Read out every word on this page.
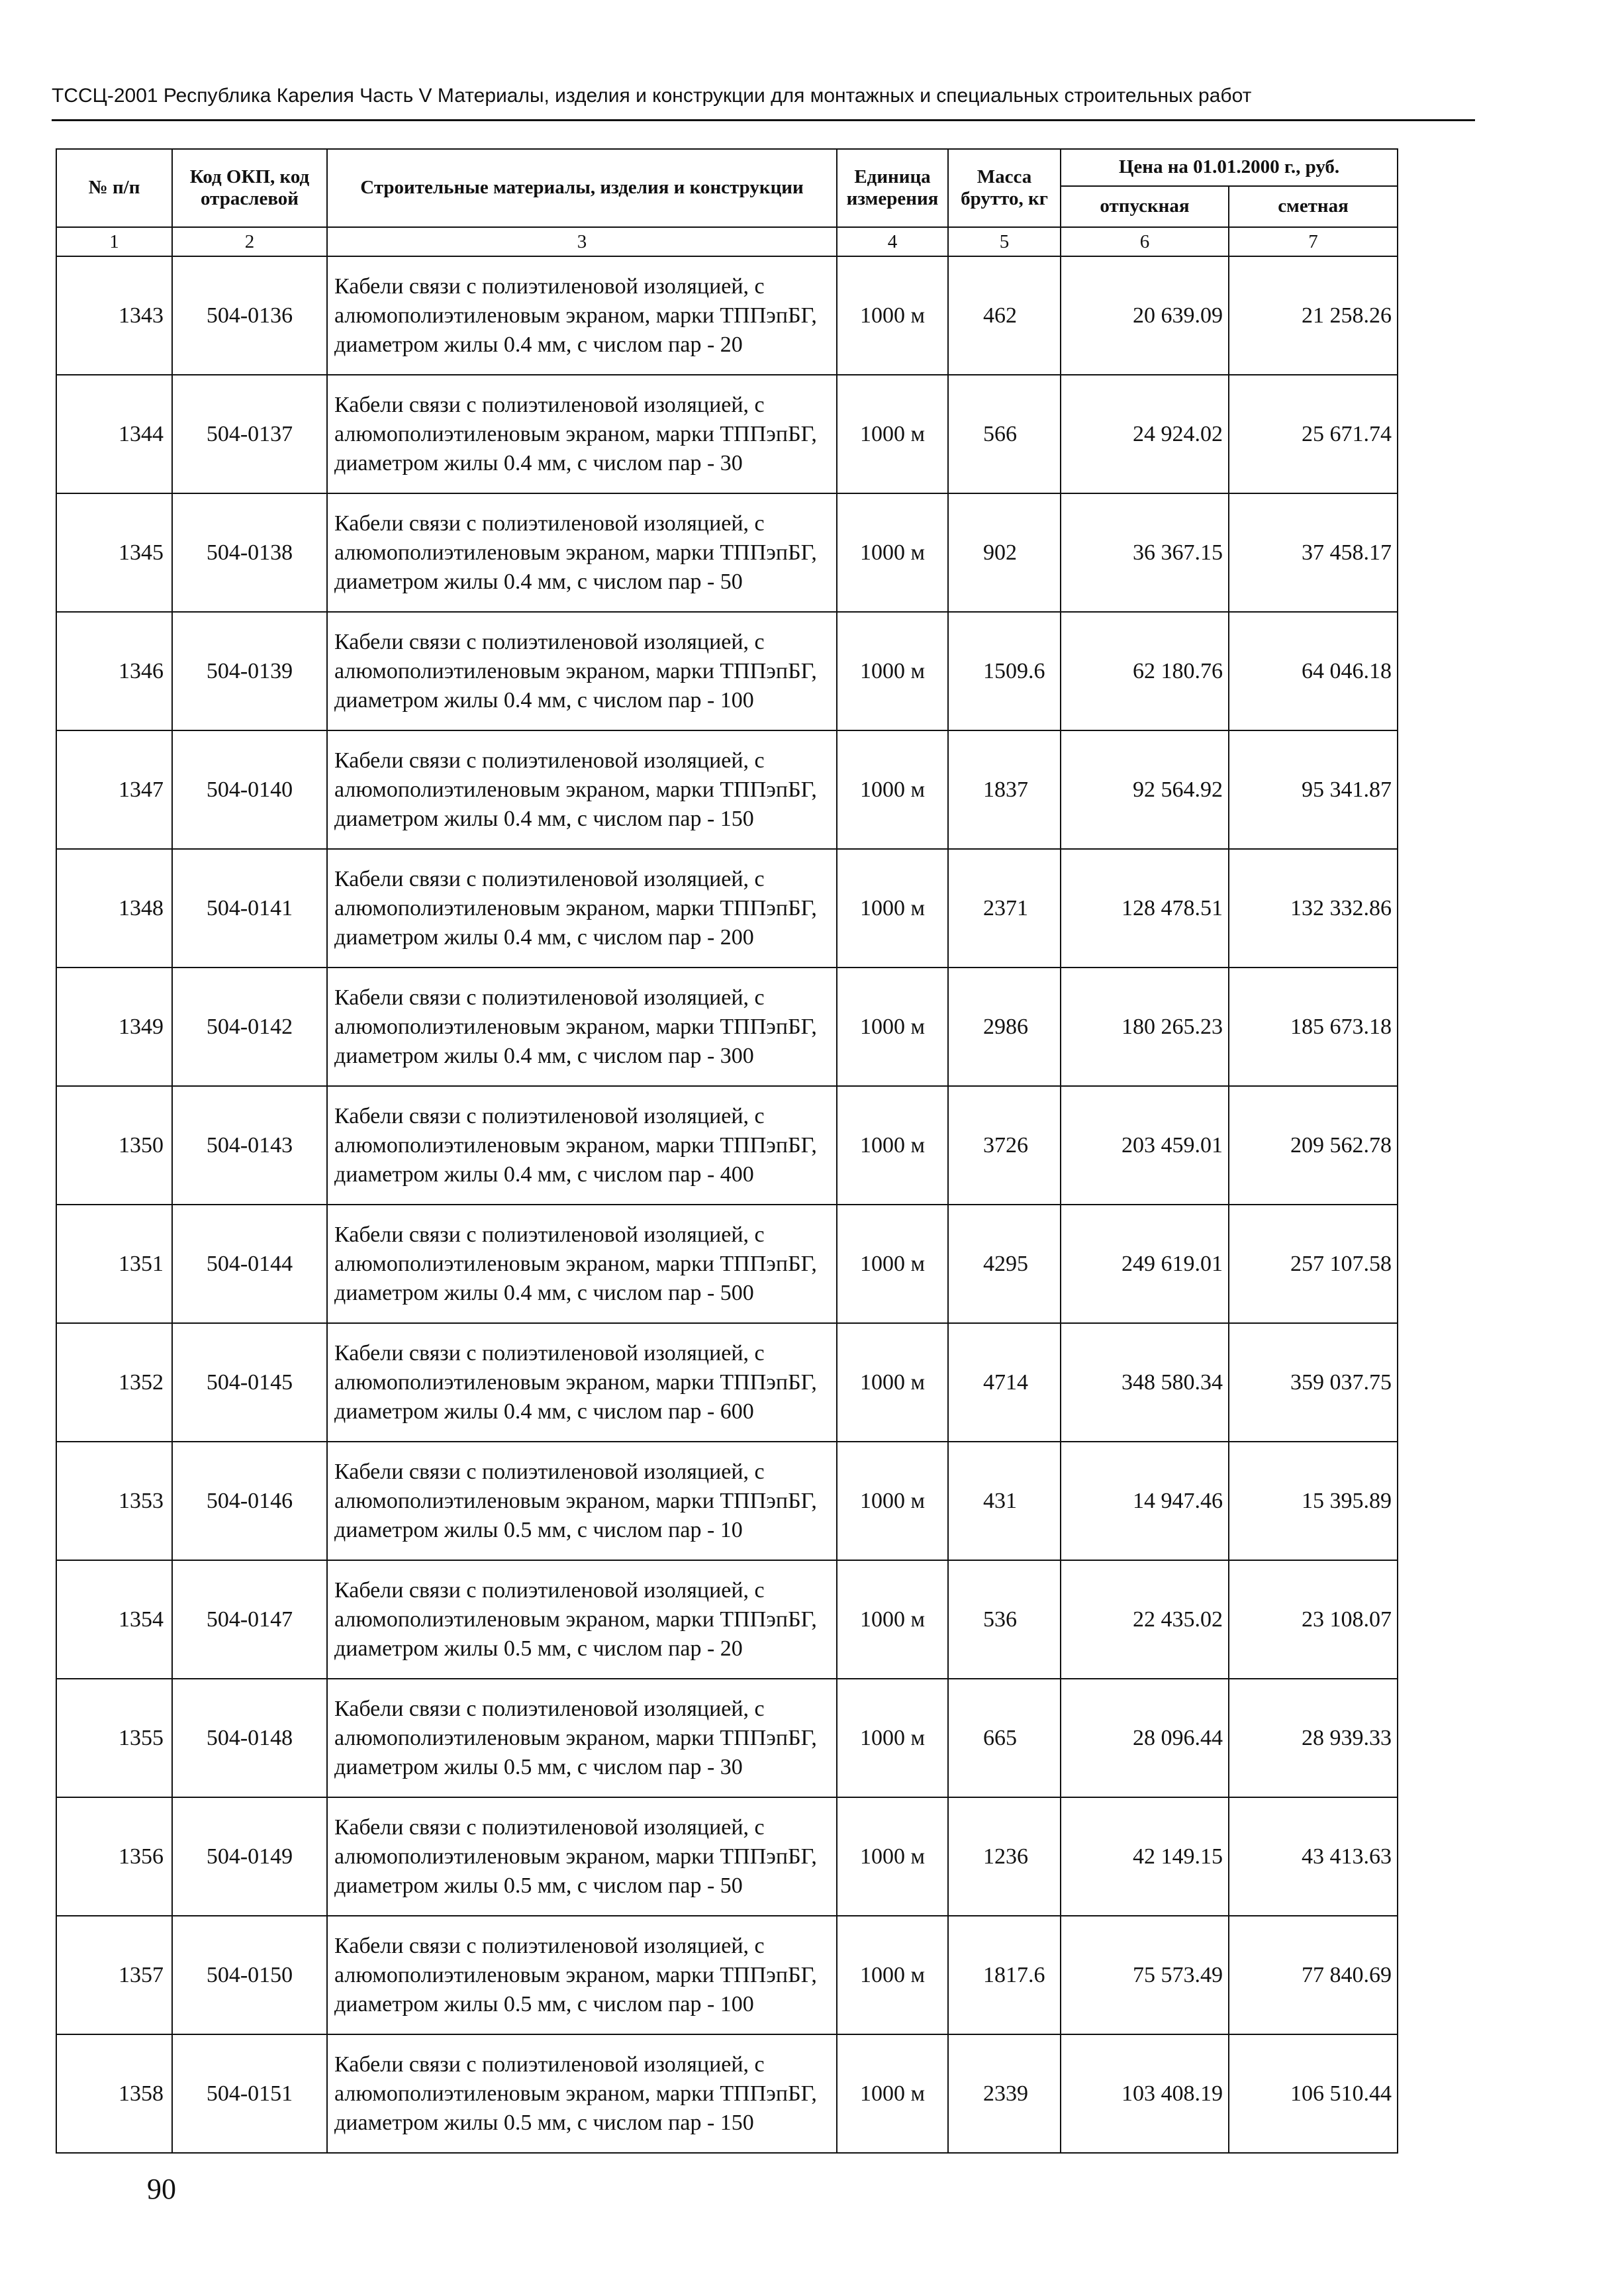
ТССЦ-2001 Республика Карелия Часть V Материалы, изделия и конструкции для монтажных и специальных строительных работ
№ п/п	Код ОКП, код отраслевой	Строительные материалы, изделия и конструкции	Единица измерения	Масса брутто, кг	Цена на 01.01.2000 г., руб.	
					отпускная	сметная
1	2	3	4	5	6	7
1343	504-0136	Кабели связи с полиэтиленовой изоляцией, с алюмополиэтиленовым экраном, марки ТППэпБГ, диаметром жилы 0.4 мм, с числом пар - 20	1000 м	462	20 639.09	21 258.26
1344	504-0137	Кабели связи с полиэтиленовой изоляцией, с алюмополиэтиленовым экраном, марки ТППэпБГ, диаметром жилы 0.4 мм, с числом пар - 30	1000 м	566	24 924.02	25 671.74
1345	504-0138	Кабели связи с полиэтиленовой изоляцией, с алюмополиэтиленовым экраном, марки ТППэпБГ, диаметром жилы 0.4 мм, с числом пар - 50	1000 м	902	36 367.15	37 458.17
1346	504-0139	Кабели связи с полиэтиленовой изоляцией, с алюмополиэтиленовым экраном, марки ТППэпБГ, диаметром жилы 0.4 мм, с числом пар - 100	1000 м	1509.6	62 180.76	64 046.18
1347	504-0140	Кабели связи с полиэтиленовой изоляцией, с алюмополиэтиленовым экраном, марки ТППэпБГ, диаметром жилы 0.4 мм, с числом пар - 150	1000 м	1837	92 564.92	95 341.87
1348	504-0141	Кабели связи с полиэтиленовой изоляцией, с алюмополиэтиленовым экраном, марки ТППэпБГ, диаметром жилы 0.4 мм, с числом пар - 200	1000 м	2371	128 478.51	132 332.86
1349	504-0142	Кабели связи с полиэтиленовой изоляцией, с алюмополиэтиленовым экраном, марки ТППэпБГ, диаметром жилы 0.4 мм, с числом пар - 300	1000 м	2986	180 265.23	185 673.18
1350	504-0143	Кабели связи с полиэтиленовой изоляцией, с алюмополиэтиленовым экраном, марки ТППэпБГ, диаметром жилы 0.4 мм, с числом пар - 400	1000 м	3726	203 459.01	209 562.78
1351	504-0144	Кабели связи с полиэтиленовой изоляцией, с алюмополиэтиленовым экраном, марки ТППэпБГ, диаметром жилы 0.4 мм, с числом пар - 500	1000 м	4295	249 619.01	257 107.58
1352	504-0145	Кабели связи с полиэтиленовой изоляцией, с алюмополиэтиленовым экраном, марки ТППэпБГ, диаметром жилы 0.4 мм, с числом пар - 600	1000 м	4714	348 580.34	359 037.75
1353	504-0146	Кабели связи с полиэтиленовой изоляцией, с алюмополиэтиленовым экраном, марки ТППэпБГ, диаметром жилы 0.5 мм, с числом пар - 10	1000 м	431	14 947.46	15 395.89
1354	504-0147	Кабели связи с полиэтиленовой изоляцией, с алюмополиэтиленовым экраном, марки ТППэпБГ, диаметром жилы 0.5 мм, с числом пар - 20	1000 м	536	22 435.02	23 108.07
1355	504-0148	Кабели связи с полиэтиленовой изоляцией, с алюмополиэтиленовым экраном, марки ТППэпБГ, диаметром жилы 0.5 мм, с числом пар - 30	1000 м	665	28 096.44	28 939.33
1356	504-0149	Кабели связи с полиэтиленовой изоляцией, с алюмополиэтиленовым экраном, марки ТППэпБГ, диаметром жилы 0.5 мм, с числом пар - 50	1000 м	1236	42 149.15	43 413.63
1357	504-0150	Кабели связи с полиэтиленовой изоляцией, с алюмополиэтиленовым экраном, марки ТППэпБГ, диаметром жилы 0.5 мм, с числом пар - 100	1000 м	1817.6	75 573.49	77 840.69
1358	504-0151	Кабели связи с полиэтиленовой изоляцией, с алюмополиэтиленовым экраном, марки ТППэпБГ, диаметром жилы 0.5 мм, с числом пар - 150	1000 м	2339	103 408.19	106 510.44
90
